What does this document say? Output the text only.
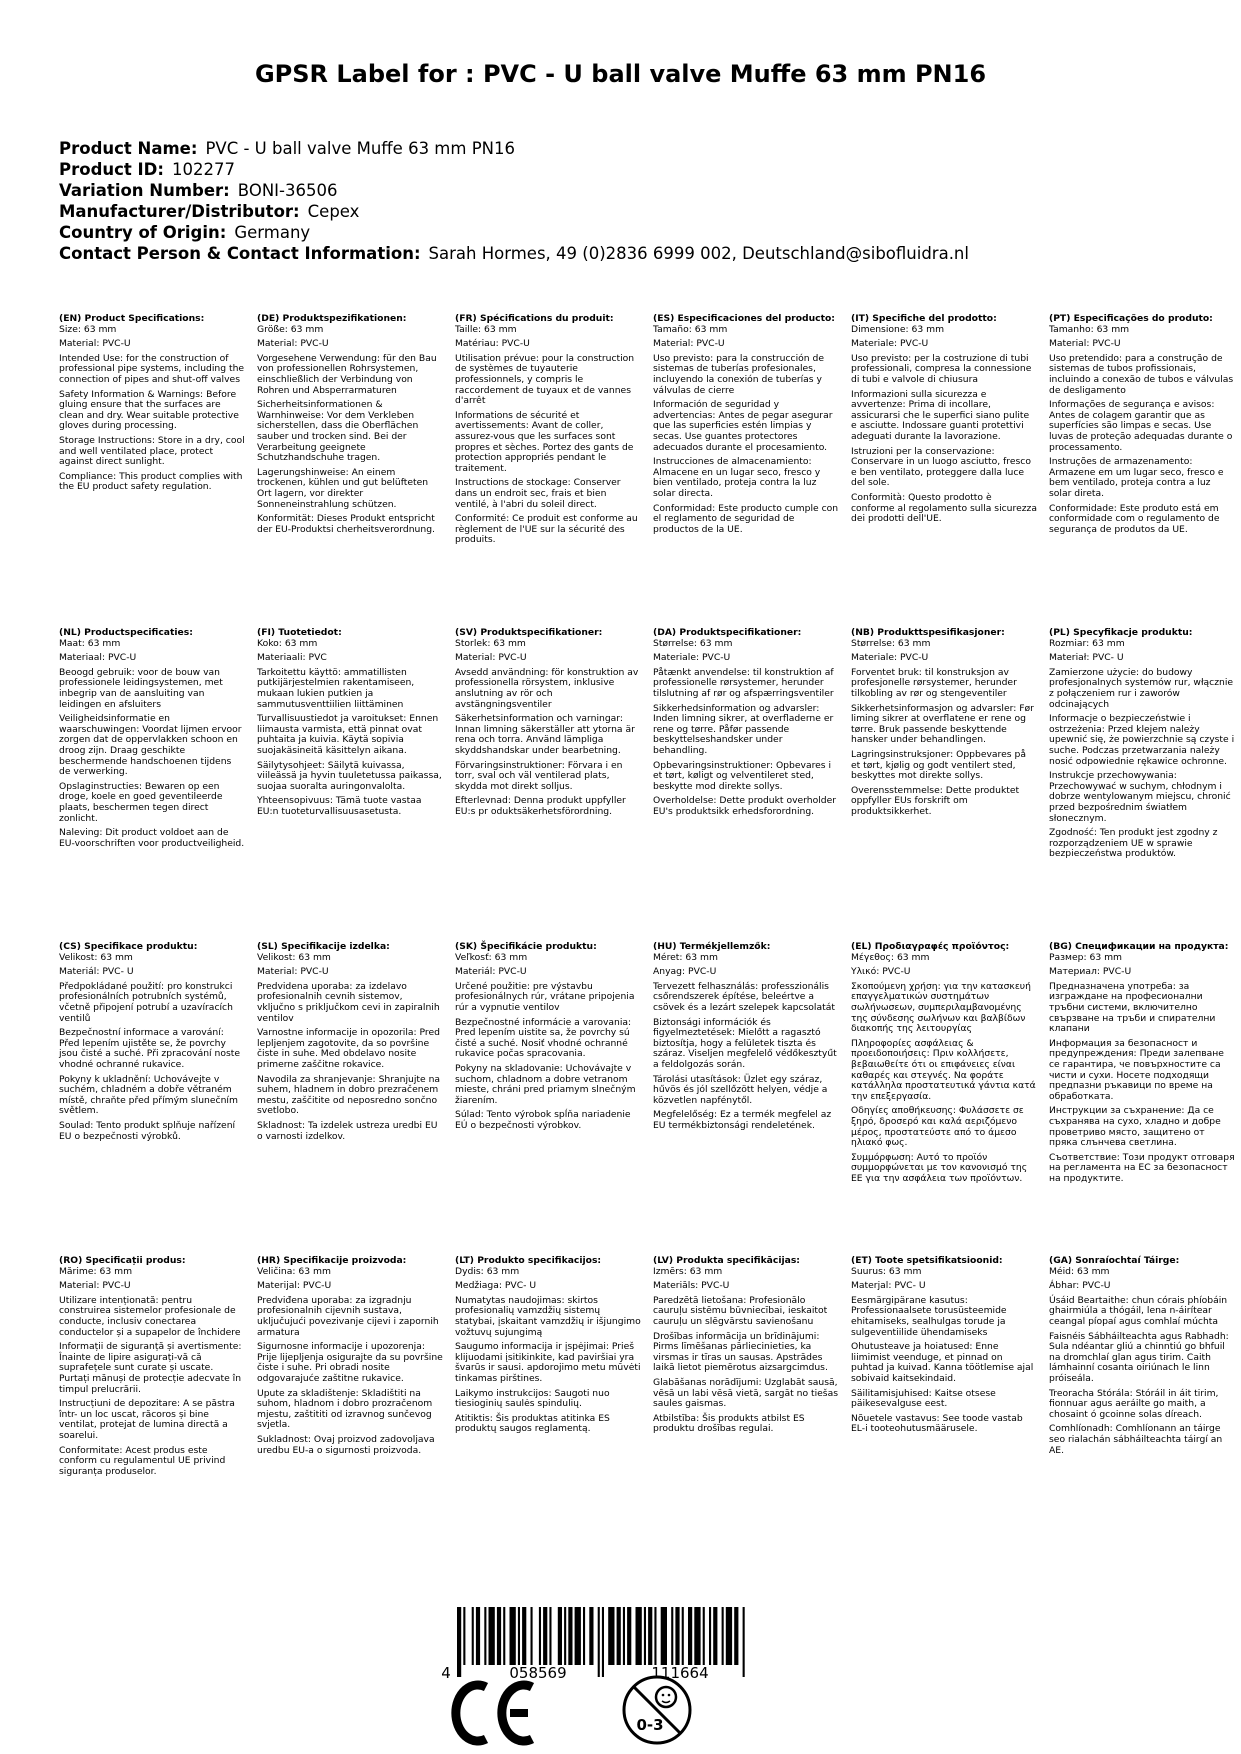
GPSR Label for : PVC - U ball valve Muffe 63 mm PN16
Product Name: PVC - U ball valve Muffe 63 mm PN16
Product ID: 102277
Variation Number: BONI-36506
Manufacturer/Distributor: Cepex
Country of Origin: Germany
Contact Person & Contact Information: Sarah Hormes, 49 (0)2836 6999 002, Deutschland@sibofluidra.nl

(EN) Product Specifications:

Size: 63 mm

Material: PVC-U

Intended Use: for the construction of professional pipe systems, including the connection of pipes and shut-off valves

Safety Information & Warnings: Before gluing ensure that the surfaces are clean and dry. Wear suitable protective gloves during processing.

Storage Instructions: Store in a dry, cool and well ventilated place, protect against direct sunlight.

Compliance: This product complies with the EU product safety regulation.

(DE) Produktspezifikationen:

Größe: 63 mm

Material: PVC-U

Vorgesehene Verwendung: für den Bau von professionellen Rohrsystemen, einschließlich der Verbindung von Rohren und Absperrarmaturen

Sicherheitsinformationen & Warnhinweise: Vor dem Verkleben sicherstellen, dass die Oberflächen sauber und trocken sind. Bei der Verarbeitung geeignete Schutzhandschuhe tragen.

Lagerungshinweise: An einem trockenen, kühlen und gut belüfteten Ort lagern, vor direkter Sonneneinstrahlung schützen.

Konformität: Dieses Produkt entspricht der EU-Produktsi cherheitsverordnung.

(FR) Spécifications du produit:

Taille: 63 mm

Matériau: PVC-U

Utilisation prévue: pour la construction de systèmes de tuyauterie professionnels, y compris le raccordement de tuyaux et de vannes d'arrêt

Informations de sécurité et avertissements: Avant de coller, assurez-vous que les surfaces sont propres et sèches. Portez des gants de protection appropriés pendant le traitement.

Instructions de stockage: Conserver dans un endroit sec, frais et bien ventilé, à l'abri du soleil direct.

Conformité: Ce produit est conforme au règlement de l'UE sur la sécurité des produits.

(ES) Especificaciones del producto:

Tamaño: 63 mm

Material: PVC-U

Uso previsto: para la construcción de sistemas de tuberías profesionales, incluyendo la conexión de tuberías y válvulas de cierre

Información de seguridad y advertencias: Antes de pegar asegurar que las superficies estén limpias y secas. Use guantes protectores adecuados durante el procesamiento.

Instrucciones de almacenamiento: Almacene en un lugar seco, fresco y bien ventilado, proteja contra la luz solar directa.

Conformidad: Este producto cumple con el reglamento de seguridad de productos de la UE.

(IT) Specifiche del prodotto:

Dimensione: 63 mm

Materiale: PVC-U

Uso previsto: per la costruzione di tubi professionali, compresa la connessione di tubi e valvole di chiusura

Informazioni sulla sicurezza e avvertenze: Prima di incollare, assicurarsi che le superfici siano pulite e asciutte. Indossare guanti protettivi adeguati durante la lavorazione.

Istruzioni per la conservazione: Conservare in un luogo asciutto, fresco e ben ventilato, proteggere dalla luce del sole.

Conformità: Questo prodotto è conforme al regolamento sulla sicurezza dei prodotti dell'UE.

(PT) Especificações do produto:

Tamanho: 63 mm

Material: PVC-U

Uso pretendido: para a construção de sistemas de tubos profissionais, incluindo a conexão de tubos e válvulas de desligamento

Informações de segurança e avisos: Antes de colagem garantir que as superfícies são limpas e secas. Use luvas de proteção adequadas durante o processamento.

Instruções de armazenamento: Armazene em um lugar seco, fresco e bem ventilado, proteja contra a luz solar direta.

Conformidade: Este produto está em conformidade com o regulamento de segurança de produtos da UE.

(NL) Productspecificaties:

Maat: 63 mm

Materiaal: PVC-U

Beoogd gebruik: voor de bouw van professionele leidingsystemen, met inbegrip van de aansluiting van leidingen en afsluiters

Veiligheidsinformatie en waarschuwingen: Voordat lijmen ervoor zorgen dat de oppervlakken schoon en droog zijn. Draag geschikte beschermende handschoenen tijdens de verwerking.

Opslaginstructies: Bewaren op een droge, koele en goed geventileerde plaats, beschermen tegen direct zonlicht.

Naleving: Dit product voldoet aan de EU-voorschriften voor productveiligheid.

(FI) Tuotetiedot:

Koko: 63 mm

Materiaali: PVC

Tarkoitettu käyttö: ammatillisten putkijärjestelmien rakentamiseen, mukaan lukien putkien ja sammutusventtiilien liittäminen

Turvallisuustiedot ja varoitukset: Ennen liimausta varmista, että pinnat ovat puhtaita ja kuivia. Käytä sopivia suojakäsineitä käsittelyn aikana.

Säilytysohjeet: Säilytä kuivassa, viileässä ja hyvin tuuletetussa paikassa, suojaa suoralta auringonvalolta.

Yhteensopivuus: Tämä tuote vastaa EU:n tuoteturvallisuusasetusta.

(SV) Produktspecifikationer:

Storlek: 63 mm

Material: PVC-U

Avsedd användning: för konstruktion av professionella rörsystem, inklusive anslutning av rör och avstängningsventiler

Säkerhetsinformation och varningar: Innan limning säkerställer att ytorna är rena och torra. Använd lämpliga skyddshandskar under bearbetning.

Förvaringsinstruktioner: Förvara i en torr, sval och väl ventilerad plats, skydda mot direkt solljus.

Efterlevnad: Denna produkt uppfyller EU:s pr oduktsäkerhetsförordning.

(DA) Produktspecifikationer:

Størrelse: 63 mm

Materiale: PVC-U

Påtænkt anvendelse: til konstruktion af professionelle rørsystemer, herunder tilslutning af rør og afspærringsventiler

Sikkerhedsinformation og advarsler: Inden limning sikrer, at overfladerne er rene og tørre. Påfør passende beskyttelseshandsker under behandling.

Opbevaringsinstruktioner: Opbevares i et tørt, køligt og velventileret sted, beskytte mod direkte sollys.

Overholdelse: Dette produkt overholder EU's produktsikk erhedsforordning.

(NB) Produkttspesifikasjoner:

Størrelse: 63 mm

Materiale: PVC-U

Forventet bruk: til konstruksjon av profesjonelle rørsystemer, herunder tilkobling av rør og stengeventiler

Sikkerhetsinformasjon og advarsler: Før liming sikrer at overflatene er rene og tørre. Bruk passende beskyttende hansker under behandlingen.

Lagringsinstruksjoner: Oppbevares på et tørt, kjølig og godt ventilert sted, beskyttes mot direkte sollys.

Overensstemmelse: Dette produktet oppfyller EUs forskrift om produktsikkerhet.

(PL) Specyfikacje produktu:

Rozmiar: 63 mm

Materiał: PVC- U

Zamierzone użycie: do budowy profesjonalnych systemów rur, włącznie z połączeniem rur i zaworów odcinających

Informacje o bezpieczeństwie i ostrzeżenia: Przed klejem należy upewnić się, że powierzchnie są czyste i suche. Podczas przetwarzania należy nosić odpowiednie rękawice ochronne.

Instrukcje przechowywania: Przechowywać w suchym, chłodnym i dobrze wentylowanym miejscu, chronić przed bezpośrednim światłem słonecznym.

Zgodność: Ten produkt jest zgodny z rozporządzeniem UE w sprawie bezpieczeństwa produktów.

(CS) Specifikace produktu:

Velikost: 63 mm

Materiál: PVC- U

Předpokládané použití: pro konstrukci profesionálních potrubních systémů, včetně připojení potrubí a uzavíracích ventilů

Bezpečnostní informace a varování: Před lepením ujistěte se, že povrchy jsou čisté a suché. Při zpracování noste vhodné ochranné rukavice.

Pokyny k ukladnění: Uchovávejte v suchém, chladném a dobře větraném místě, chraňte před přímým slunečním světlem.

Soulad: Tento produkt splňuje nařízení EU o bezpečnosti výrobků.

(SL) Specifikacije izdelka:

Velikost: 63 mm

Material: PVC-U

Predvidena uporaba: za izdelavo profesionalnih cevnih sistemov, vključno s priključkom cevi in zapiralnih ventilov

Varnostne informacije in opozorila: Pred lepljenjem zagotovite, da so površine čiste in suhe. Med obdelavo nosite primerne zaščitne rokavice.

Navodila za shranjevanje: Shranjujte na suhem, hladnem in dobro prezračenem mestu, zaščitite od neposredno sončno svetlobo.

Skladnost: Ta izdelek ustreza uredbi EU o varnosti izdelkov.

(SK) Špecifikácie produktu:

Veľkosť: 63 mm

Materiál: PVC-U

Určené použitie: pre výstavbu profesionálnych rúr, vrátane pripojenia rúr a vypnutie ventilov

Bezpečnostné informácie a varovania: Pred lepením uistite sa, že povrchy sú čisté a suché. Nosiť vhodné ochranné rukavice počas spracovania.

Pokyny na skladovanie: Uchovávajte v suchom, chladnom a dobre vetranom mieste, chráni pred priamym slnečným žiarením.

Súlad: Tento výrobok spĺňa nariadenie EÚ o bezpečnosti výrobkov.

(HU) Termékjellemzők:

Méret: 63 mm

Anyag: PVC-U

Tervezett felhasználás: professzionális csőrendszerek építése, beleértve a csövek és a lezárt szelepek kapcsolatát

Biztonsági információk és figyelmeztetések: Mielőtt a ragasztó biztosítja, hogy a felületek tiszta és száraz. Viseljen megfelelő védőkesztyűt a feldolgozás során.

Tárolási utasítások: Üzlet egy száraz, hűvös és jól szellőzött helyen, védje a közvetlen napfénytől.

Megfelelőség: Ez a termék megfelel az EU termékbiztonsági rendeletének.

(EL) Προδιαγραφές προϊόντος:

Μέγεθος: 63 mm

Υλικό: PVC-U

Σκοπούμενη χρήση: για την κατασκευή επαγγελματικών συστημάτων σωλήνωσεων, συμπεριλαμβανομένης της σύνδεσης σωλήνων και βαλβίδων διακοπής της λειτουργίας

Πληροφορίες ασφάλειας & προειδοποιήσεις: Πριν κολλήσετε, βεβαιωθείτε ότι οι επιφάνειες είναι καθαρές και στεγνές. Να φοράτε κατάλληλα προστατευτικά γάντια κατά την επεξεργασία.

Οδηγίες αποθήκευσης: Φυλάσσετε σε ξηρό, δροσερό και καλά αεριζόμενο μέρος, προστατεύστε από το άμεσο ηλιακό φως.

Συμμόρφωση: Αυτό το προϊόν συμμορφώνεται με τον κανονισμό της ΕΕ για την ασφάλεια των προϊόντων.

(BG) Спецификации на продукта:

Размер: 63 mm

Материал: PVC-U

Предназначена употреба: за изграждане на професионални тръбни системи, включително свързване на тръби и спирателни клапани

Информация за безопасност и предупреждения: Преди залепване се гарантира, че повърхностите са чисти и сухи. Носете подходящи предпазни ръкавици по време на обработката.

Инструкции за съхранение: Да се съхранява на сухо, хладно и добре проветриво място, защитено от пряка слънчева светлина.

Съответствие: Този продукт отговаря на регламента на ЕС за безопасност на продуктите.

(RO) Specificații produs:

Mărime: 63 mm

Material: PVC-U

Utilizare intenționată: pentru construirea sistemelor profesionale de conducte, inclusiv conectarea conductelor și a supapelor de închidere

Informații de siguranță și avertismente: Înainte de lipire asigurați-vă că suprafețele sunt curate și uscate. Purtați mănuși de protecție adecvate în timpul prelucrării.

Instrucțiuni de depozitare: A se păstra într- un loc uscat, răcoros și bine ventilat, protejat de lumina directă a soarelui.

Conformitate: Acest produs este conform cu regulamentul UE privind siguranța produselor.

(HR) Specifikacije proizvoda:

Veličina: 63 mm

Materijal: PVC-U

Predviđena uporaba: za izgradnju profesionalnih cijevnih sustava, uključujući povezivanje cijevi i zapornih armatura

Sigurnosne informacije i upozorenja: Prije lijepljenja osigurajte da su površine čiste i suhe. Pri obradi nosite odgovarajuće zaštitne rukavice.

Upute za skladištenje: Skladištiti na suhom, hladnom i dobro prozračenom mjestu, zaštititi od izravnog sunčevog svjetla.

Sukladnost: Ovaj proizvod zadovoljava uredbu EU-a o sigurnosti proizvoda.

(LT) Produkto specifikacijos:

Dydis: 63 mm

Medžiaga: PVC- U

Numatytas naudojimas: skirtos profesionalių vamzdžių sistemų statybai, įskaitant vamzdžių ir išjungimo vožtuvų sujungimą

Saugumo informacija ir įspėjimai: Prieš klijuodami įsitikinkite, kad paviršiai yra švarūs ir sausi. apdorojimo metu mūvėti tinkamas pirštines.

Laikymo instrukcijos: Saugoti nuo tiesioginių saulės spindulių.

Atitiktis: Šis produktas atitinka ES produktų saugos reglamentą.

(LV) Produkta specifikācijas:

Izmērs: 63 mm

Materiāls: PVC-U

Paredzētā lietošana: Profesionālo cauruļu sistēmu būvniecībai, ieskaitot cauruļu un slēgvārstu savienošanu

Drošības informācija un brīdinājumi: Pirms līmēšanas pārliecinieties, ka virsmas ir tīras un sausas. Apstrādes laikā lietot piemērotus aizsargcimdus.

Glabāšanas norādījumi: Uzglabāt sausā, vēsā un labi vēsā vietā, sargāt no tiešas saules gaismas.

Atbilstība: Šis produkts atbilst ES produktu drošības regulai.

(ET) Toote spetsifikatsioonid:

Suurus: 63 mm

Materjal: PVC- U

Eesmärgipärane kasutus: Professionaalsete torusüsteemide ehitamiseks, sealhulgas torude ja sulgeventiilide ühendamiseks

Ohutusteave ja hoiatused: Enne liimimist veenduge, et pinnad on puhtad ja kuivad. Kanna töötlemise ajal sobivaid kaitsekindaid.

Säilitamisjuhised: Kaitse otsese päikesevalguse eest.

Nõuetele vastavus: See toode vastab EL-i tooteohutusmäärusele.

(GA) Sonraíochtaí Táirge:

Méid: 63 mm

Ábhar: PVC-U

Úsáid Beartaithe: chun córais phíobáin ghairmiúla a thógáil, lena n-áirítear ceangal píopaí agus comhlaí múchta

Faisnéis Sábháilteachta agus Rabhadh: Sula ndéantar gliú a chinntiú go bhfuil na dromchlaí glan agus tirim. Caith lámhainní cosanta oiriúnach le linn próiseála.

Treoracha Stórála: Stóráil in áit tirim, fionnuar agus aeráilte go maith, a chosaint ó gcoinne solas díreach.

Comhlíonadh: Comhlíonann an táirge seo rialachán sábháilteachta táirgí an AE.

4	058569	111664
0-3
